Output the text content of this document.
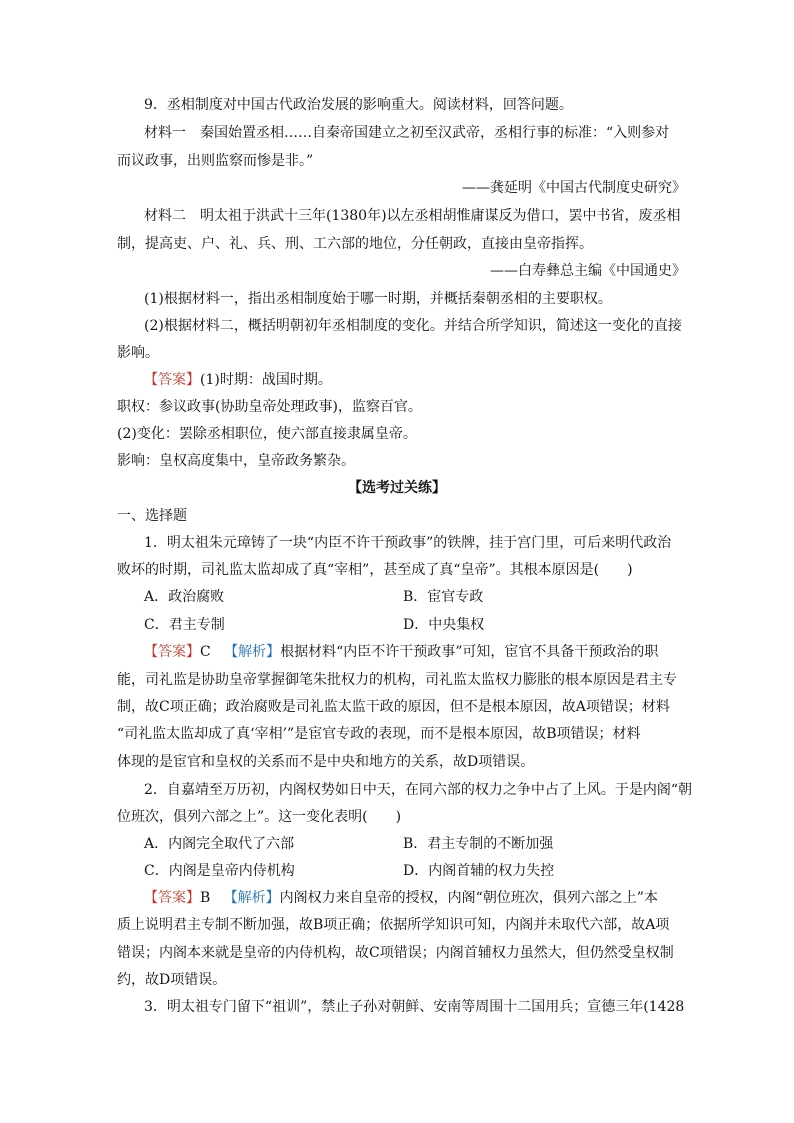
9．丞相制度对中国古代政治发展的影响重大。阅读材料，回答问题。
材料一　秦国始置丞相……自秦帝国建立之初至汉武帝，丞相行事的标准：“入则参对
而议政事，出则监察而惨是非。”
——龚延明《中国古代制度史研究》
材料二　明太祖于洪武十三年(1380年)以左丞相胡惟庸谋反为借口，罢中书省，废丞相
制，提高吏、户、礼、兵、刑、工六部的地位，分任朝政，直接由皇帝指挥。
——白寿彝总主编《中国通史》
(1)根据材料一，指出丞相制度始于哪一时期，并概括秦朝丞相的主要职权。
(2)根据材料二，概括明朝初年丞相制度的变化。并结合所学知识，简述这一变化的直接
影响。
【答案】(1)时期：战国时期。
职权：参议政事(协助皇帝处理政事)，监察百官。
(2)变化：罢除丞相职位，使六部直接隶属皇帝。
影响：皇权高度集中，皇帝政务繁杂。
【选考过关练】
一、选择题
1．明太祖朱元璋铸了一块“内臣不许干预政事”的铁牌，挂于宫门里，可后来明代政治
败坏的时期，司礼监太监却成了真“宰相”，甚至成了真“皇帝”。其根本原因是(　　)
A．政治腐败	B．宦官专政
C．君主专制	D．中央集权
【答案】C 【解析】根据材料“内臣不许干预政事”可知，宦官不具备干预政治的职
能，司礼监是协助皇帝掌握御笔朱批权力的机构，司礼监太监权力膨胀的根本原因是君主专
制，故C项正确；政治腐败是司礼监太监干政的原因，但不是根本原因，故A项错误；材料
“司礼监太监却成了真‘宰相’”是宦官专政的表现，而不是根本原因，故B项错误；材料
体现的是宦官和皇权的关系而不是中央和地方的关系，故D项错误。
2．自嘉靖至万历初，内阁权势如日中天，在同六部的权力之争中占了上风。于是内阁“朝
位班次，俱列六部之上”。这一变化表明(　　)
A．内阁完全取代了六部	B．君主专制的不断加强
C．内阁是皇帝内侍机构	D．内阁首辅的权力失控
【答案】B 【解析】内阁权力来自皇帝的授权，内阁“朝位班次，俱列六部之上”本
质上说明君主专制不断加强，故B项正确；依据所学知识可知，内阁并未取代六部，故A项
错误；内阁本来就是皇帝的内侍机构，故C项错误；内阁首辅权力虽然大，但仍然受皇权制
约，故D项错误。
3．明太祖专门留下“祖训”，禁止子孙对朝鲜、安南等周围十二国用兵；宣德三年(1428
